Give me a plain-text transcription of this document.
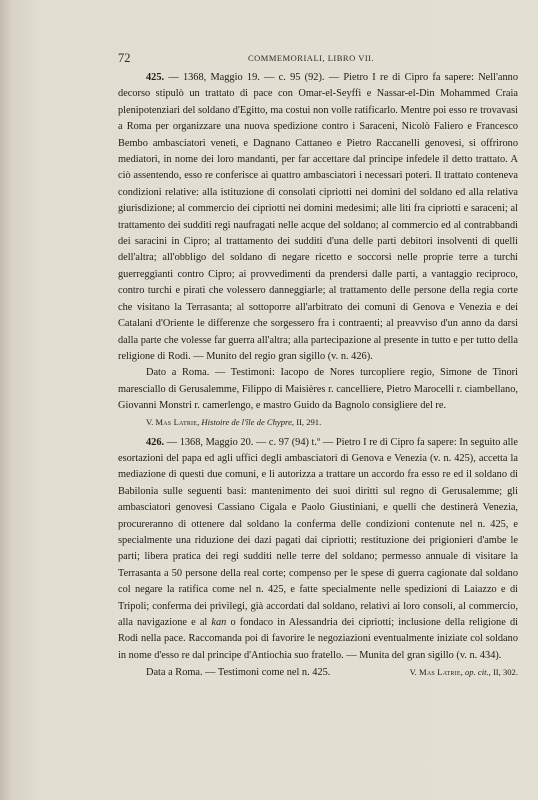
72	COMMEMORIALI, LIBRO VII.

425. — 1368, Maggio 19. — c. 95 (92). — Pietro I re di Cipro fa sapere: Nell'anno decorso stipulò un trattato di pace con Omar-el-Seyffi e Nassar-el-Din Mohammed Craia plenipotenziari del soldano d'Egitto, ma costui non volle ratificarlo. Mentre poi esso re trovavasi a Roma per organizzare una nuova spedizione contro i Saraceni, Nicolò Faliero e Francesco Bembo ambasciatori veneti, e Dagnano Cattaneo e Pietro Raccanelli genovesi, si offrirono mediatori, in nome dei loro mandanti, per far accettare dal principe infedele il detto trattato. A ciò assentendo, esso re conferisce ai quattro ambasciatori i necessari poteri. Il trattato conteneva condizioni relative: alla istituzione di consolati cipriotti nei domini del soldano ed alla relativa giurisdizione; al commercio dei cipriotti nei domini medesimi; alle liti fra cipriotti e saraceni; al trattamento dei sudditi regi naufragati nelle acque del soldano; al commercio ed al contrabbandi dei saracini in Cipro; al trattamento dei sudditi d'una delle parti debitori insolventi di quelli dell'altra; all'obbligo del soldano di negare ricetto e soccorsi nelle proprie terre a turchi guerreggianti contro Cipro; ai provvedimenti da prendersi dalle parti, a vantaggio reciproco, contro turchi e pirati che volessero danneggiarle; al trattamento delle persone della regia corte che visitano la Terrasanta; al sottoporre all'arbitrato dei comuni di Genova e Venezia e dei Catalani d'Oriente le differenze che sorgessero fra i contraenti; al preavviso d'un anno da darsi dalla parte che volesse far guerra all'altra; alla partecipazione al presente in tutto e per tutto della religione di Rodi. — Munito del regio gran sigillo (v. n. 426).

Dato a Roma. — Testimoni: Iacopo de Nores turcopliere regio, Simone de Tinori maresciallo di Gerusalemme, Filippo di Maisières r. cancelliere, Pietro Marocelli r. ciambellano, Giovanni Monstri r. camerlengo, e mastro Guido da Bagnolo consigliere del re.

V. Mas Latrie, Histoire de l'île de Chypre, II, 291.

426. — 1368, Maggio 20. — c. 97 (94) t.º — Pietro I re di Cipro fa sapere: In seguito alle esortazioni del papa ed agli uffici degli ambasciatori di Genova e Venezia (v. n. 425), accetta la mediazione di questi due comuni, e li autorizza a trattare un accordo fra esso re ed il soldano di Babilonia sulle seguenti basi: mantenimento dei suoi diritti sul regno di Gerusalemme; gli ambasciatori genovesi Cassiano Cigala e Paolo Giustiniani, e quelli che destinerà Venezia, procureranno di ottenere dal soldano la conferma delle condizioni contenute nel n. 425, e specialmente una riduzione dei dazi pagati dai cipriotti; restituzione dei prigionieri d'ambe le parti; libera pratica dei regi sudditi nelle terre del soldano; permesso annuale di visitare la Terrasanta a 50 persone della real corte; compenso per le spese di guerra cagionate dal soldano col negare la ratifica come nel n. 425, e fatte specialmente nelle spedizioni di Laiazzo e di Tripoli; conferma dei privilegi, già accordati dal soldano, relativi ai loro consoli, al commercio, alla navigazione e al kan o fondaco in Alessandria dei cipriotti; inclusione della religione di Rodi nella pace. Raccomanda poi di favorire le negoziazioni eventualmente iniziate col soldano in nome d'esso re dal principe d'Antiochia suo fratello. — Munita del gran sigillo (v. n. 434).

Data a Roma. — Testimoni come nel n. 425.	V. Mas Latrie, op. cit., II, 302.
